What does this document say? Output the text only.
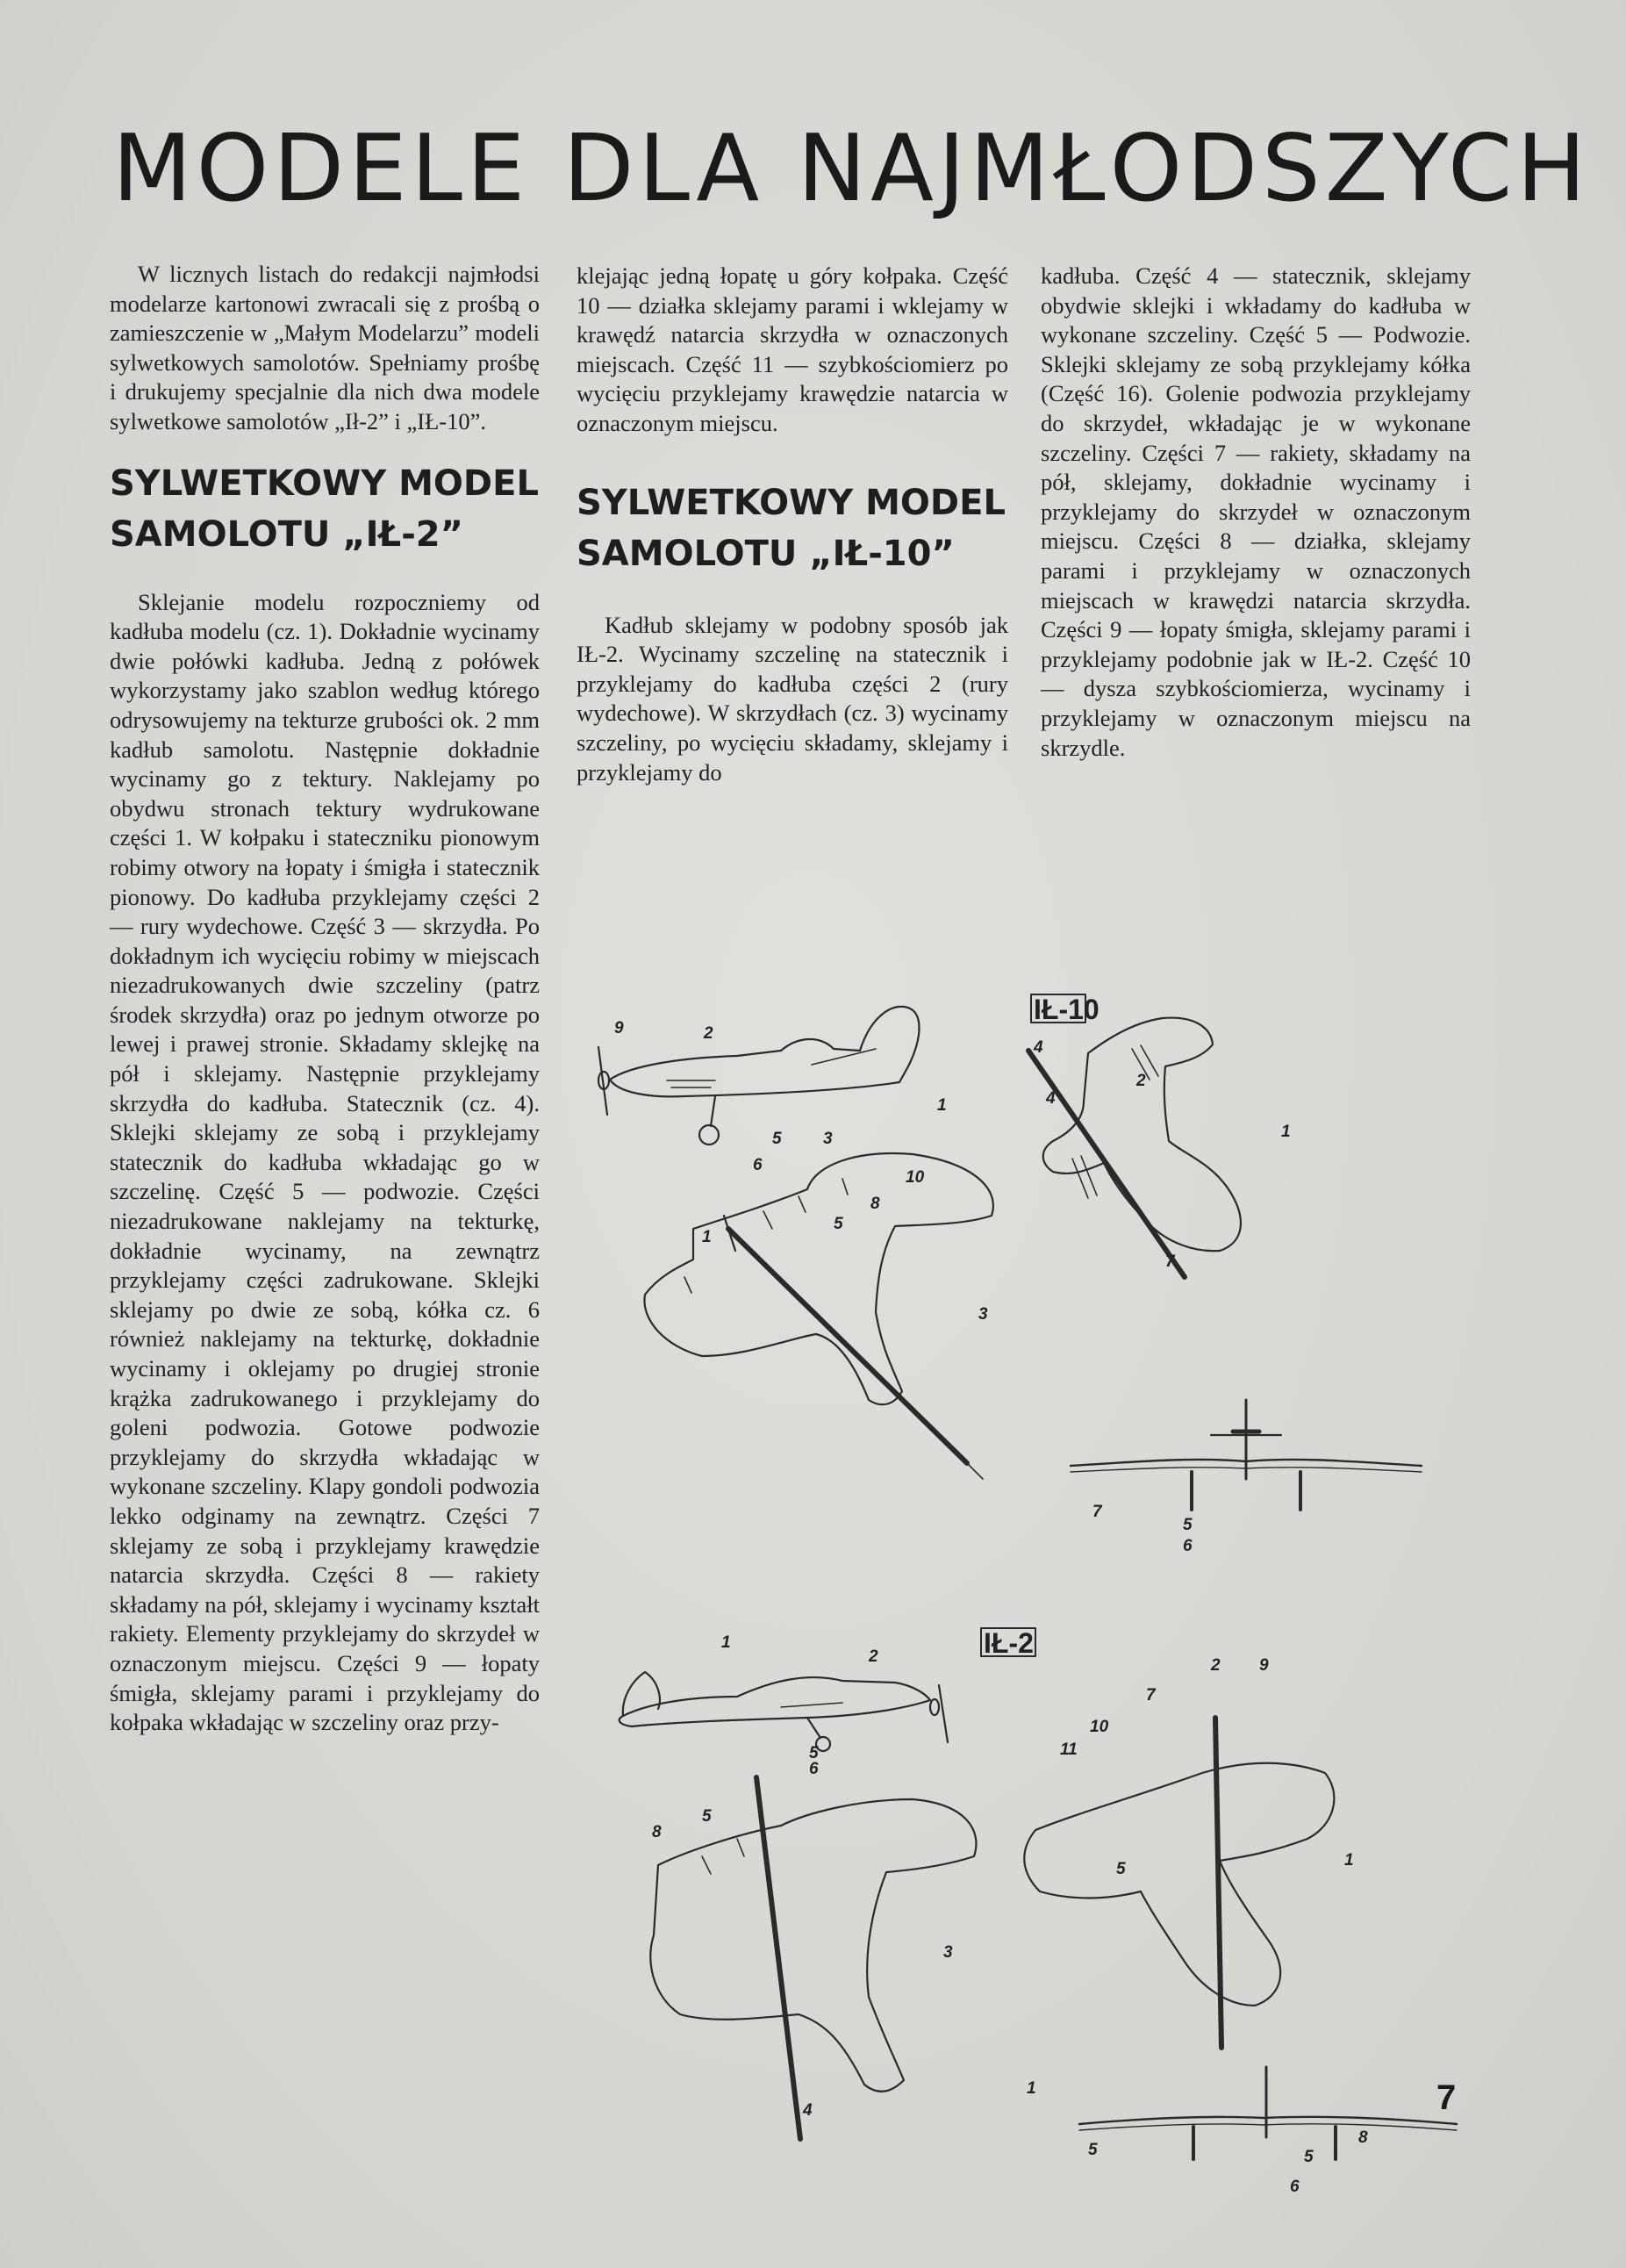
MODELE DLA NAJMŁODSZYCH

W licznych listach do redakcji najmłodsi modelarze kartonowi zwracali się z prośbą o zamieszczenie w „Małym Modelarzu” modeli sylwetkowych samolotów. Spełniamy prośbę i drukujemy specjalnie dla nich dwa modele sylwetkowe samolotów „Ił-2” i „IŁ-10”.

SYLWETKOWY MODEL SAMOLOTU „IŁ-2”

Sklejanie modelu rozpoczniemy od kadłuba modelu (cz. 1). Dokładnie wycinamy dwie połówki kadłuba. Jedną z połówek wykorzystamy jako szablon według którego odrysowujemy na tekturze grubości ok. 2 mm kadłub samolotu. Następnie dokładnie wycinamy go z tektury. Naklejamy po obydwu stronach tektury wydrukowane części 1. W kołpaku i stateczniku pionowym robimy otwory na łopaty i śmigła i statecznik pionowy. Do kadłuba przyklejamy części 2 — rury wydechowe. Część 3 — skrzydła. Po dokładnym ich wycięciu robimy w miejscach niezadrukowanych dwie szczeliny (patrz środek skrzydła) oraz po jednym otworze po lewej i prawej stronie. Składamy sklejkę na pół i sklejamy. Następnie przyklejamy skrzydła do kadłuba. Statecznik (cz. 4). Sklejki sklejamy ze sobą i przyklejamy statecznik do kadłuba wkładając go w szczelinę. Część 5 — podwozie. Części niezadrukowane naklejamy na tekturkę, dokładnie wycinamy, na zewnątrz przyklejamy części zadrukowane. Sklejki sklejamy po dwie ze sobą, kółka cz. 6 również naklejamy na tekturkę, dokładnie wycinamy i oklejamy po drugiej stronie krążka zadrukowanego i przyklejamy do goleni podwozia. Gotowe podwozie przyklejamy do skrzydła wkładając w wykonane szczeliny. Klapy gondoli podwozia lekko odginamy na zewnątrz. Części 7 sklejamy ze sobą i przyklejamy krawędzie natarcia skrzydła. Części 8 — rakiety składamy na pół, sklejamy i wycinamy kształt rakiety. Elementy przyklejamy do skrzydeł w oznaczonym miejscu. Części 9 — łopaty śmigła, sklejamy parami i przyklejamy do kołpaka wkładając w szczeliny oraz przy-

klejając jedną łopatę u góry kołpaka. Część 10 — działka sklejamy parami i wklejamy w krawędź natarcia skrzydła w oznaczonych miejscach. Część 11 — szybkościomierz po wycięciu przyklejamy krawędzie natarcia w oznaczonym miejscu.

SYLWETKOWY MODEL SAMOLOTU „IŁ-10”

Kadłub sklejamy w podobny sposób jak IŁ-2. Wycinamy szczelinę na statecznik i przyklejamy do kadłuba części 2 (rury wydechowe). W skrzydłach (cz. 3) wycinamy szczeliny, po wycięciu składamy, sklejamy i przyklejamy do

kadłuba. Część 4 — statecznik, sklejamy obydwie sklejki i wkładamy do kadłuba w wykonane szczeliny. Część 5 — Podwozie. Sklejki sklejamy ze sobą przyklejamy kółka (Część 16). Golenie podwozia przyklejamy do skrzydeł, wkładając je w wykonane szczeliny. Części 7 — rakiety, składamy na pół, sklejamy, dokładnie wycinamy i przyklejamy do skrzydeł w oznaczonym miejscu. Części 8 — działka, sklejamy parami i przyklejamy w oznaczonych miejscach w krawędzi natarcia skrzydła. Części 9 — łopaty śmigła, sklejamy parami i przyklejamy podobnie jak w IŁ-2. Część 10 — dysza szybkościomierza, wycinamy i przyklejamy w oznaczonym miejscu na skrzydle.

IŁ-10
IŁ-2
9	2
1	4
5 3
6
2
4
1
7
3
8
10
5
1
7
5
6
1
2
5
6
10
11
7
2 9
8
5
3
4
1
5
1
5	5
8
6
7
